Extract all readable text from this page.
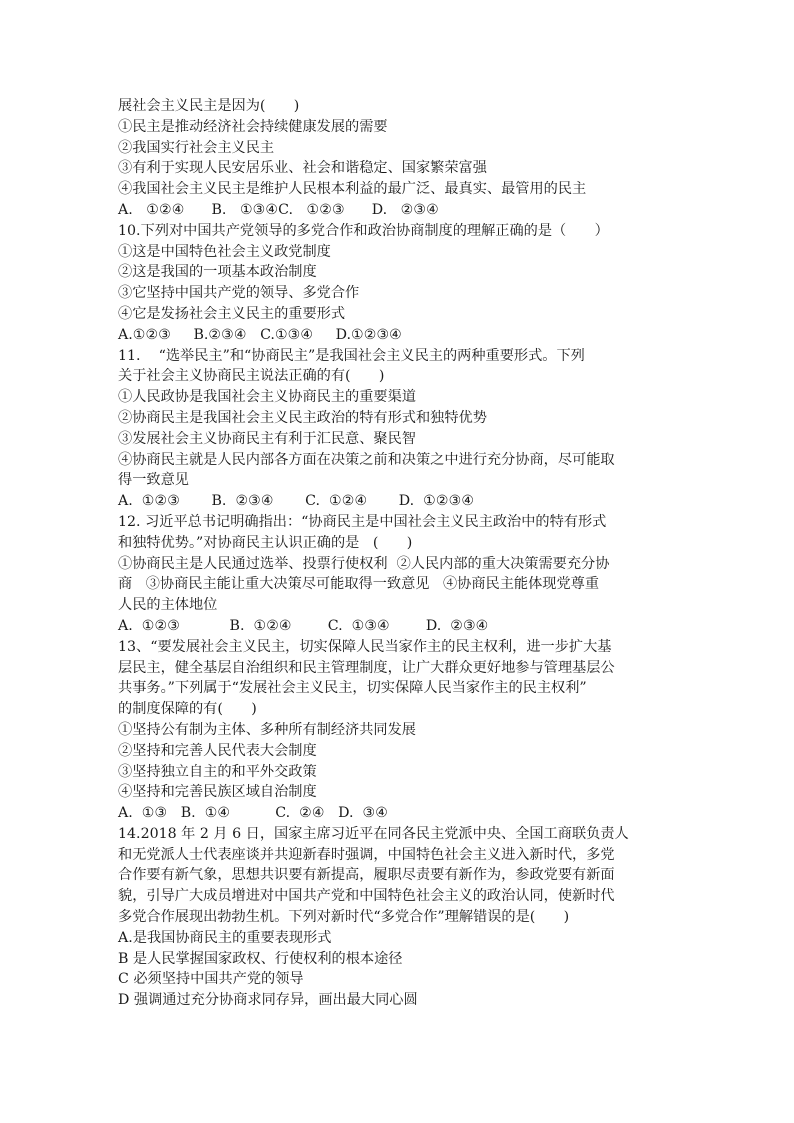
展社会主义民主是因为(　　)
①民主是推动经济社会持续健康发展的需要
②我国实行社会主义民主
③有利于实现人民安居乐业、社会和谐稳定、国家繁荣富强
④我国社会主义民主是维护人民根本利益的最广泛、最真实、最管用的民主
A.   ①②④      B.   ①③④C.   ①②③      D.   ②③④
10.下列对中国共产党领导的多党合作和政治协商制度的理解正确的是（　　）
①这是中国特色社会主义政党制度
②这是我国的一项基本政治制度
③它坚持中国共产党的领导、多党合作
④它是发扬社会主义民主的重要形式
A.①②③     B.②③④   C.①③④     D.①②③④
11.    “选举民主”和“协商民主”是我国社会主义民主的两种重要形式。下列
关于社会主义协商民主说法正确的有(　　)
①人民政协是我国社会主义协商民主的重要渠道
②协商民主是我国社会主义民主政治的特有形式和独特优势
③发展社会主义协商民主有利于汇民意、聚民智
④协商民主就是人民内部各方面在决策之前和决策之中进行充分协商，尽可能取
得一致意见
A.  ①②③       B.  ②③④       C.  ①②④       D.  ①②③④
12. 习近平总书记明确指出：“协商民主是中国社会主义民主政治中的特有形式
和独特优势。”对协商民主认识正确的是   (　　)
①协商民主是人民通过选举、投票行使权利  ②人民内部的重大决策需要充分协
商   ③协商民主能让重大决策尽可能取得一致意见   ④协商民主能体现党尊重
人民的主体地位
A.  ①②③           B.  ①②④        C.  ①③④        D.  ②③④
13、“要发展社会主义民主，切实保障人民当家作主的民主权利，进一步扩大基
层民主，健全基层自治组织和民主管理制度，让广大群众更好地参与管理基层公
共事务。”下列属于“发展社会主义民主，切实保障人民当家作主的民主权利”
的制度保障的有(　　)
①坚持公有制为主体、多种所有制经济共同发展
②坚持和完善人民代表大会制度
③坚持独立自主的和平外交政策
④坚持和完善民族区域自治制度
A.  ①③   B.  ①④          C.  ②④   D.  ③④
14.2018 年 2 月 6 日，国家主席习近平在同各民主党派中央、全国工商联负责人
和无党派人士代表座谈并共迎新春时强调，中国特色社会主义进入新时代，多党
合作要有新气象，思想共识要有新提高，履职尽责要有新作为，参政党要有新面
貌，引导广大成员增进对中国共产党和中国特色社会主义的政治认同，使新时代
多党合作展现出勃勃生机。下列对新时代“多党合作”理解错误的是(　　)
A.是我国协商民主的重要表现形式
B 是人民掌握国家政权、行使权利的根本途径
C 必须坚持中国共产党的领导
D 强调通过充分协商求同存异，画出最大同心圆
